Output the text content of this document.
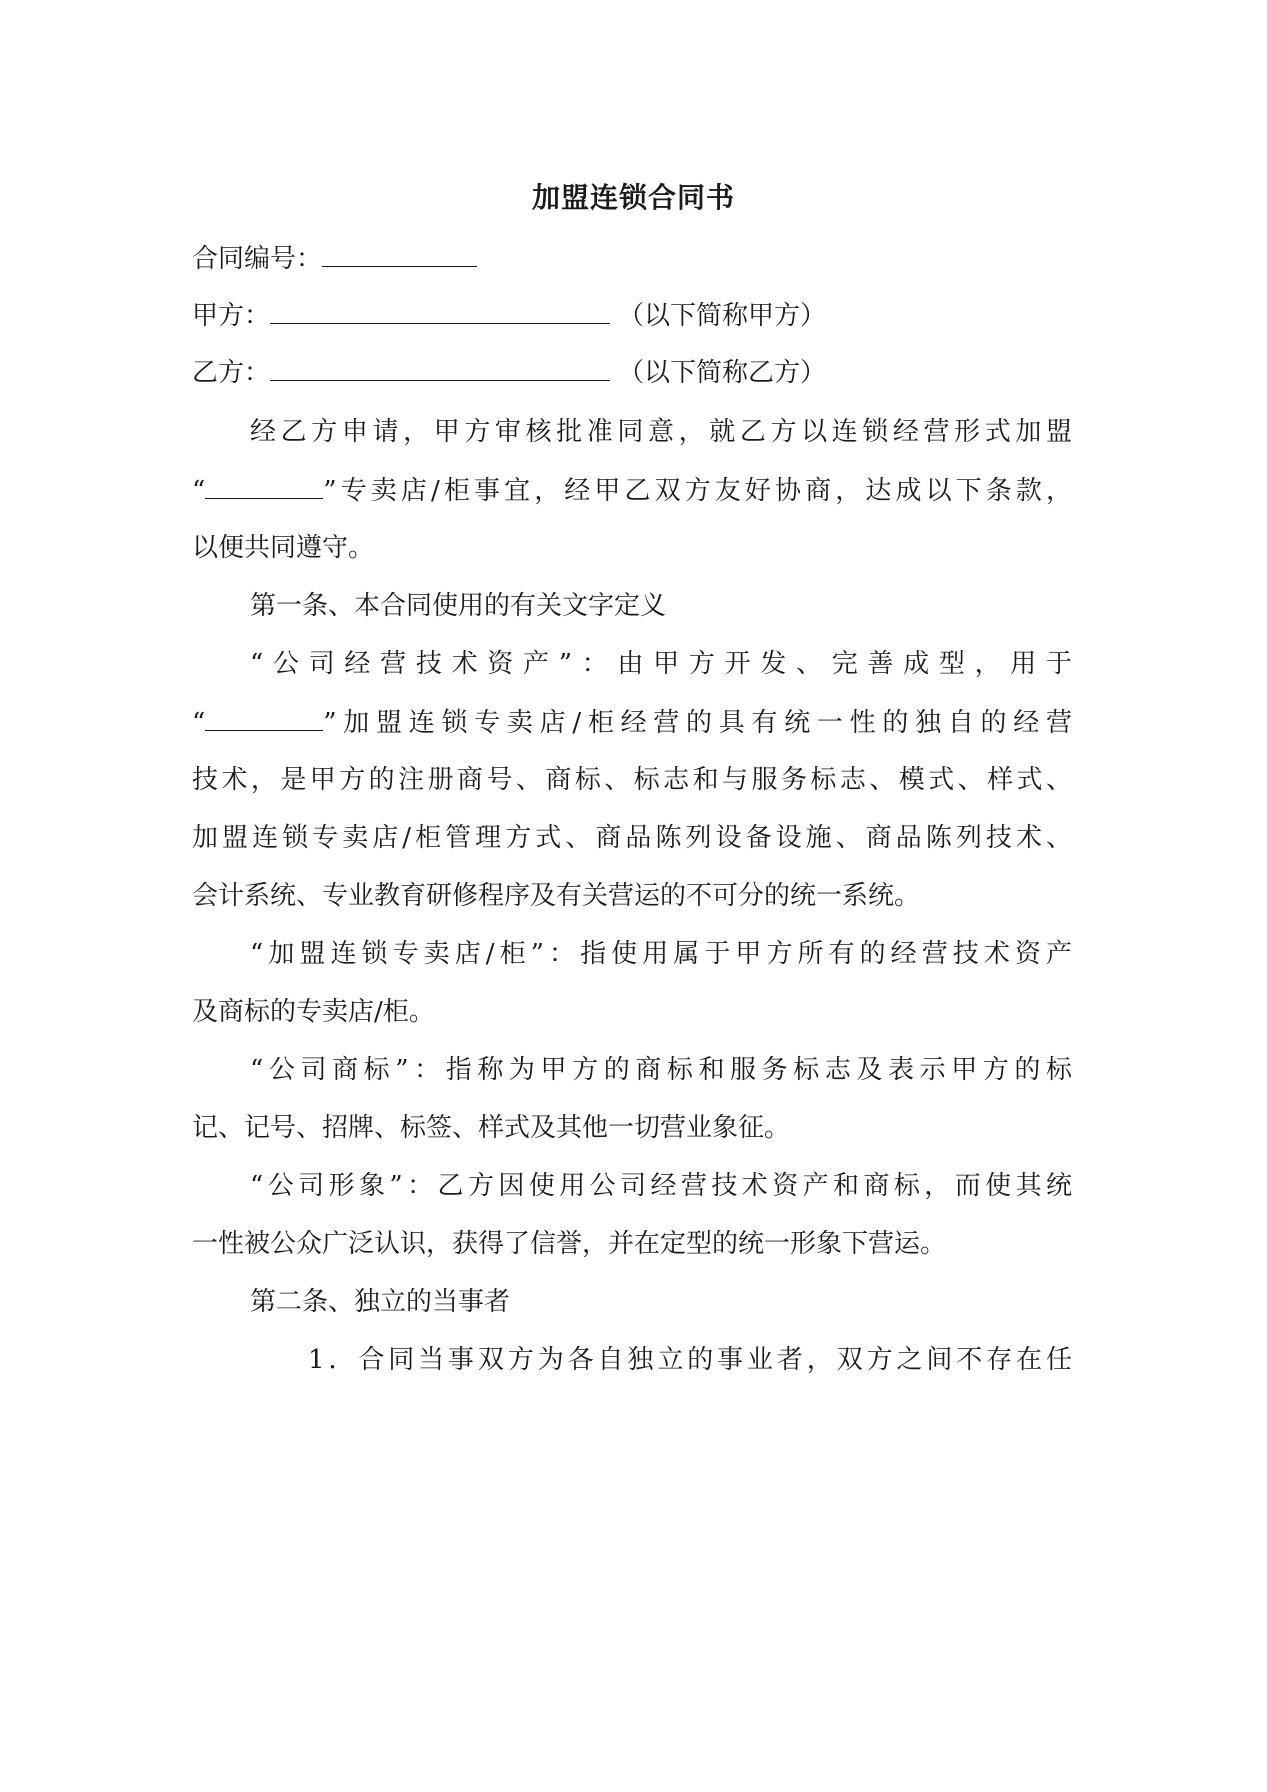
加盟连锁合同书
合同编号：
甲方：	（以下简称甲方）
乙方：	（以下简称乙方）
经乙方申请，甲方审核批准同意，就乙方以连锁经营形式加盟
“	”专卖店/柜事宜，经甲乙双方友好协商，达成以下条款，
以便共同遵守。
第一条、本合同使用的有关文字定义
“公司经营技术资产”：由甲方开发、完善成型，用于
“	”加盟连锁专卖店/柜经营的具有统一性的独自的经营
技术，是甲方的注册商号、商标、标志和与服务标志、模式、样式、
加盟连锁专卖店/柜管理方式、商品陈列设备设施、商品陈列技术、
会计系统、专业教育研修程序及有关营运的不可分的统一系统。
“加盟连锁专卖店/柜”：指使用属于甲方所有的经营技术资产
及商标的专卖店/柜。
“公司商标”：指称为甲方的商标和服务标志及表示甲方的标
记、记号、招牌、标签、样式及其他一切营业象征。
“公司形象”：乙方因使用公司经营技术资产和商标，而使其统
一性被公众广泛认识，获得了信誉，并在定型的统一形象下营运。
第二条、独立的当事者
1．合同当事双方为各自独立的事业者，双方之间不存在任
